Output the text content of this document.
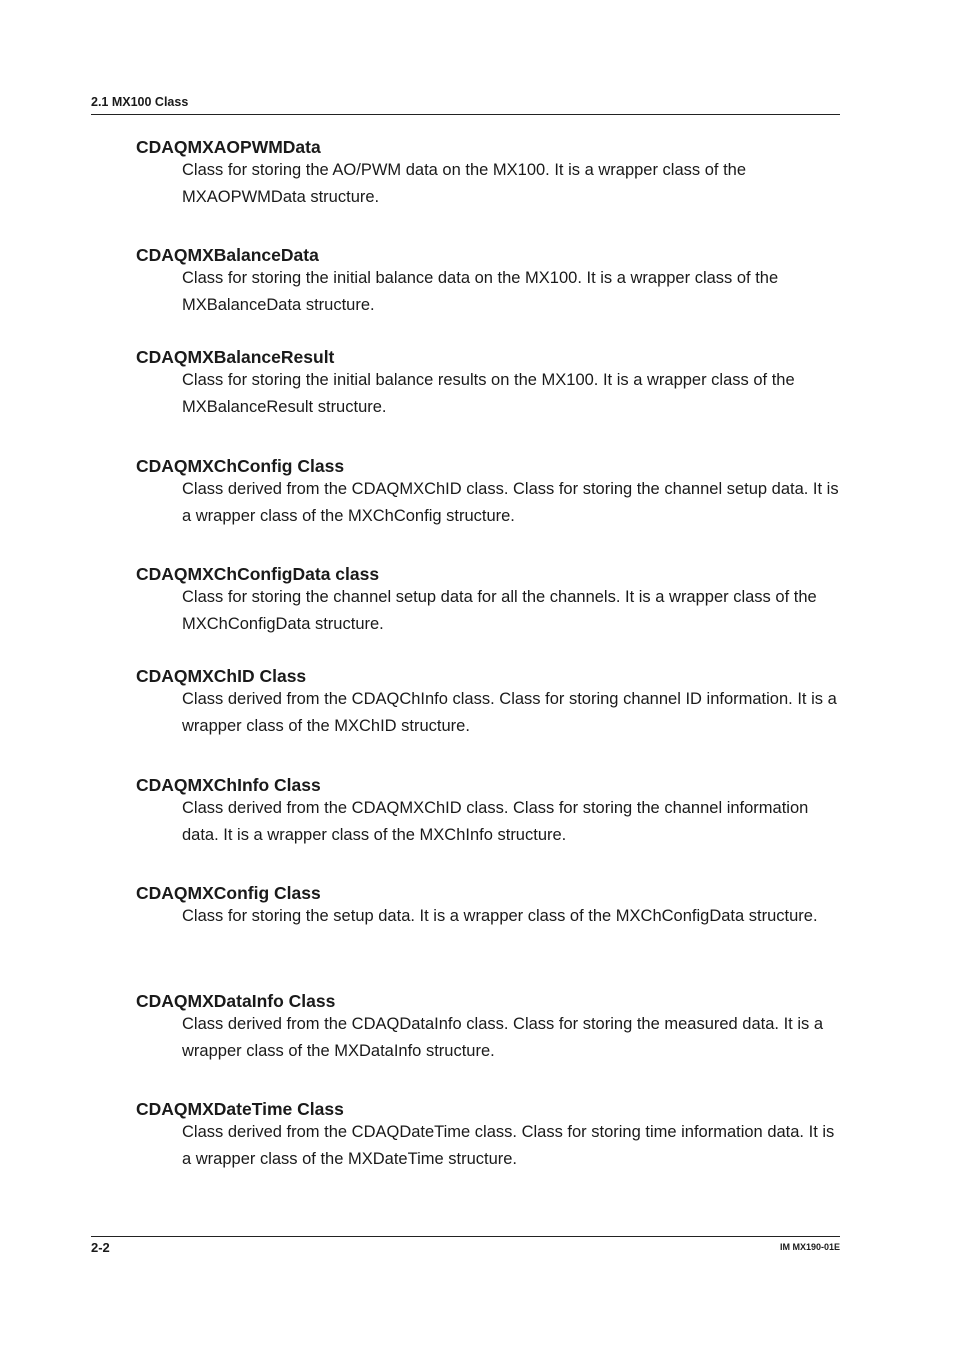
2.1 MX100 Class
CDAQMXAOPWMData
Class for storing the AO/PWM data on the MX100. It is a wrapper class of the MXAOPWMData structure.
CDAQMXBalanceData
Class for storing the initial balance data on the MX100. It is a wrapper class of the MXBalanceData structure.
CDAQMXBalanceResult
Class for storing the initial balance results on the MX100. It is a wrapper class of the MXBalanceResult structure.
CDAQMXChConfig Class
Class derived from the CDAQMXChID class. Class for storing the channel setup data. It is a wrapper class of the MXChConfig structure.
CDAQMXChConfigData class
Class for storing the channel setup data for all the channels. It is a wrapper class of the MXChConfigData structure.
CDAQMXChID Class
Class derived from the CDAQChInfo class. Class for storing channel ID information. It is a wrapper class of the MXChID structure.
CDAQMXChInfo Class
Class derived from the CDAQMXChID class. Class for storing the channel information data. It is a wrapper class of the MXChInfo structure.
CDAQMXConfig Class
Class for storing the setup data. It is a wrapper class of the MXChConfigData structure.
CDAQMXDataInfo Class
Class derived from the CDAQDataInfo class. Class for storing the measured data. It is a wrapper class of the MXDataInfo structure.
CDAQMXDateTime Class
Class derived from the CDAQDateTime class. Class for storing time information data. It is a wrapper class of the MXDateTime structure.
2-2	IM MX190-01E
